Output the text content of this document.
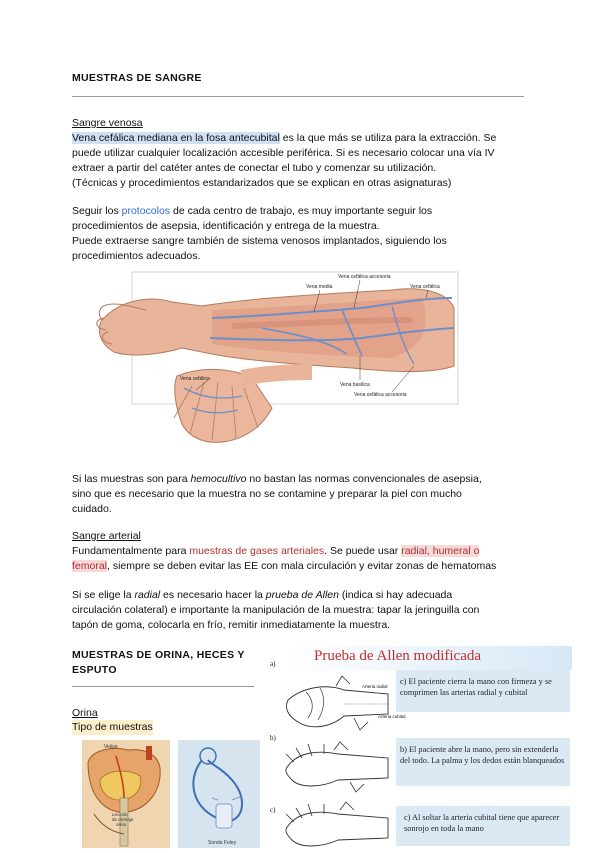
MUESTRAS DE SANGRE
Sangre venosa
Vena cefálica mediana en la fosa antecubital es la que más se utiliza para la extracción. Se
puede utilizar cualquier localización accesible periférica. Si es necesario colocar una vía IV
extraer a partir del catéter antes de conectar el tubo y comenzar su utilización.
(Técnicas y procedimientos estandarizados que se explican en otras asignaturas)
Seguir los protocolos de cada centro de trabajo, es muy importante seguir los
procedimientos de asepsia, identificación y entrega de la muestra.
Puede extraerse sangre también de sistema venosos implantados, siguiendo los
procedimientos adecuados.
Vena cefálica accesoria
Vena media	Vena cefálica
Vena cefálica
Vena basílica
Vena cefálica accesoria
Si las muestras son para hemocultivo no bastan las normas convencionales de asepsia,
sino que es necesario que la muestra no se contamine y preparar la piel con mucho
cuidado.
Sangre arterial
Fundamentalmente para muestras de gases arteriales. Se puede usar radial, humeral o
femoral, siempre se deben evitar las EE con mala circulación y evitar zonas de hematomas
Si se elige la radial es necesario hacer la prueba de Allen (indica si hay adecuada
circulación colateral) e importante la manipulación de la muestra: tapar la jeringuilla con
tapón de goma, colocarla en frío, remitir inmediatamente la muestra.
MUESTRAS DE ORINA, HECES Y
ESPUTO
Orina
Tipo de muestras
Vejiga
Lección
de drenaje
orina
Sonda Foley
Prueba de Allen modificada
a)
b)
c)
Arteria radial
Arteria cubital
c) El paciente cierra la mano con firmeza y se comprimen las arterias radial y cubital
b) El paciente abre la mano, pero sin extenderla del todo. La palma y los dedos están blanqueados
c) Al soltar la arteria cubital tiene que aparecer sonrojo en toda la mano
